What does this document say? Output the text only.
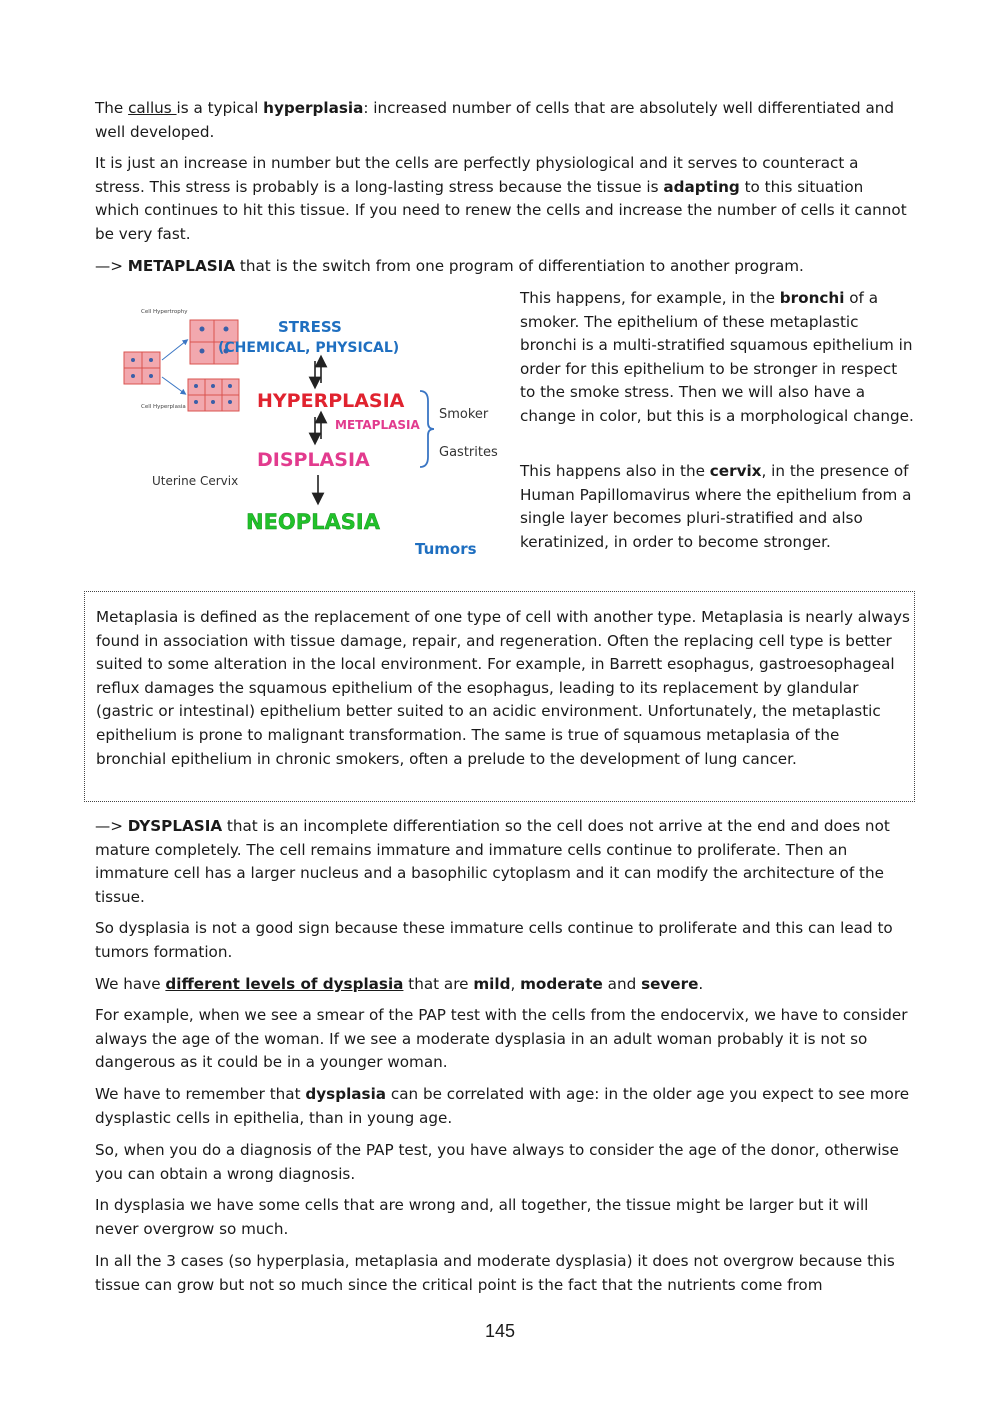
The callus is a typical hyperplasia: increased number of cells that are absolutely well differentiated and well developed.

It is just an increase in number but the cells are perfectly physiological and it serves to counteract a stress. This stress is probably is a long-lasting stress because the tissue is adapting to this situation which continues to hit this tissue. If you need to renew the cells and increase the number of cells it cannot be very fast.

—> METAPLASIA that is the switch from one program of differentiation to another program.

Cell Hypertrophy
Cell Hyperplasia
STRESS
(CHEMICAL, PHYSICAL)
HYPERPLASIA
METAPLASIA
DISPLASIA
NEOPLASIA
Smoker
Gastrites
Uterine Cervix
Tumors

This happens, for example, in the bronchi of a smoker. The epithelium of these metaplastic bronchi is a multi-stratified squamous epithelium in order for this epithelium to be stronger in respect to the smoke stress. Then we will also have a change in color, but this is a morphological change.

This happens also in the cervix, in the presence of Human Papillomavirus where the epithelium from a single layer becomes pluri-stratified and also keratinized, in order to become stronger.

Metaplasia is defined as the replacement of one type of cell with another type. Metaplasia is nearly always found in association with tissue damage, repair, and regeneration. Often the replacing cell type is better suited to some alteration in the local environment. For example, in Barrett esophagus, gastroesophageal reflux damages the squamous epithelium of the esophagus, leading to its replacement by glandular (gastric or intestinal) epithelium better suited to an acidic environment. Unfortunately, the metaplastic epithelium is prone to malignant transformation. The same is true of squamous metaplasia of the bronchial epithelium in chronic smokers, often a prelude to the development of lung cancer.

—> DYSPLASIA that is an incomplete differentiation so the cell does not arrive at the end and does not mature completely. The cell remains immature and immature cells continue to proliferate. Then an immature cell has a larger nucleus and a basophilic cytoplasm and it can modify the architecture of the tissue.

So dysplasia is not a good sign because these immature cells continue to proliferate and this can lead to tumors formation.

We have different levels of dysplasia that are mild, moderate and severe.

For example, when we see a smear of the PAP test with the cells from the endocervix, we have to consider always the age of the woman. If we see a moderate dysplasia in an adult woman probably it is not so dangerous as it could be in a younger woman.

We have to remember that dysplasia can be correlated with age: in the older age you expect to see more dysplastic cells in epithelia, than in young age.

So, when you do a diagnosis of the PAP test, you have always to consider the age of the donor, otherwise you can obtain a wrong diagnosis.

In dysplasia we have some cells that are wrong and, all together, the tissue might be larger but it will never overgrow so much.

In all the 3 cases (so hyperplasia, metaplasia and moderate dysplasia) it does not overgrow because this tissue can grow but not so much since the critical point is the fact that the nutrients come from

145
